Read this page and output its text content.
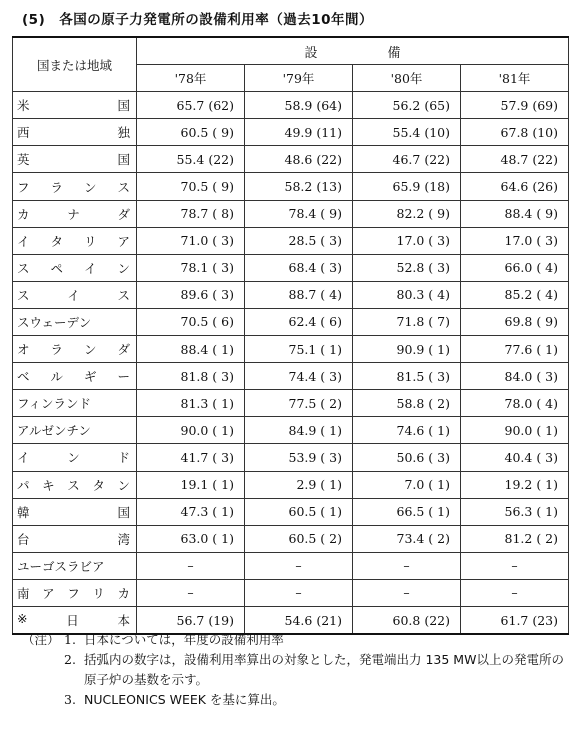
(5)　各国の原子力発電所の設備利用率（過去10年間）
国または地域	設備			
	'78年	'79年	'80年	'81年

米 国	65.7 (62)	58.9 (64)	56.2 (65)	57.9 (69)

西 独	60.5 ( 9)	49.9 (11)	55.4 (10)	67.8 (10)

英 国	55.4 (22)	48.6 (22)	46.7 (22)	48.7 (22)

フ ラ ン ス	70.5 ( 9)	58.2 (13)	65.9 (18)	64.6 (26)

カ ナ ダ	78.7 ( 8)	78.4 ( 9)	82.2 ( 9)	88.4 ( 9)

イ タ リ ア	71.0 ( 3)	28.5 ( 3)	17.0 ( 3)	17.0 ( 3)

ス ペ イ ン	78.1 ( 3)	68.4 ( 3)	52.8 ( 3)	66.0 ( 4)

ス イ ス	89.6 ( 3)	88.7 ( 4)	80.3 ( 4)	85.2 ( 4)

スウェーデン	70.5 ( 6)	62.4 ( 6)	71.8 ( 7)	69.8 ( 9)

オ ラ ン ダ	88.4 ( 1)	75.1 ( 1)	90.9 ( 1)	77.6 ( 1)

ベ ル ギ ー	81.8 ( 3)	74.4 ( 3)	81.5 ( 3)	84.0 ( 3)

フィンランド	81.3 ( 1)	77.5 ( 2)	58.8 ( 2)	78.0 ( 4)

アルゼンチン	90.0 ( 1)	84.9 ( 1)	74.6 ( 1)	90.0 ( 1)

イ ン ド	41.7 ( 3)	53.9 ( 3)	50.6 ( 3)	40.4 ( 3)

パ キ ス タ ン	19.1 ( 1)	2.9 ( 1)	7.0 ( 1)	19.2 ( 1)

韓 国	47.3 ( 1)	60.5 ( 1)	66.5 ( 1)	56.3 ( 1)

台 湾	63.0 ( 1)	60.5 ( 2)	73.4 ( 2)	81.2 ( 2)

ユーゴスラビア	–	–	–	–

南 ア フ リ カ	–	–	–	–

※ 日 本	56.7 (19)	54.6 (21)	60.8 (22)	61.7 (23)
（注） 1. 日本については，年度の設備利用率
2. 括弧内の数字は，設備利用率算出の対象とした，発電端出力 135 MW以上の発電所の原子炉の基数を示す。
3. NUCLEONICS WEEK を基に算出。
